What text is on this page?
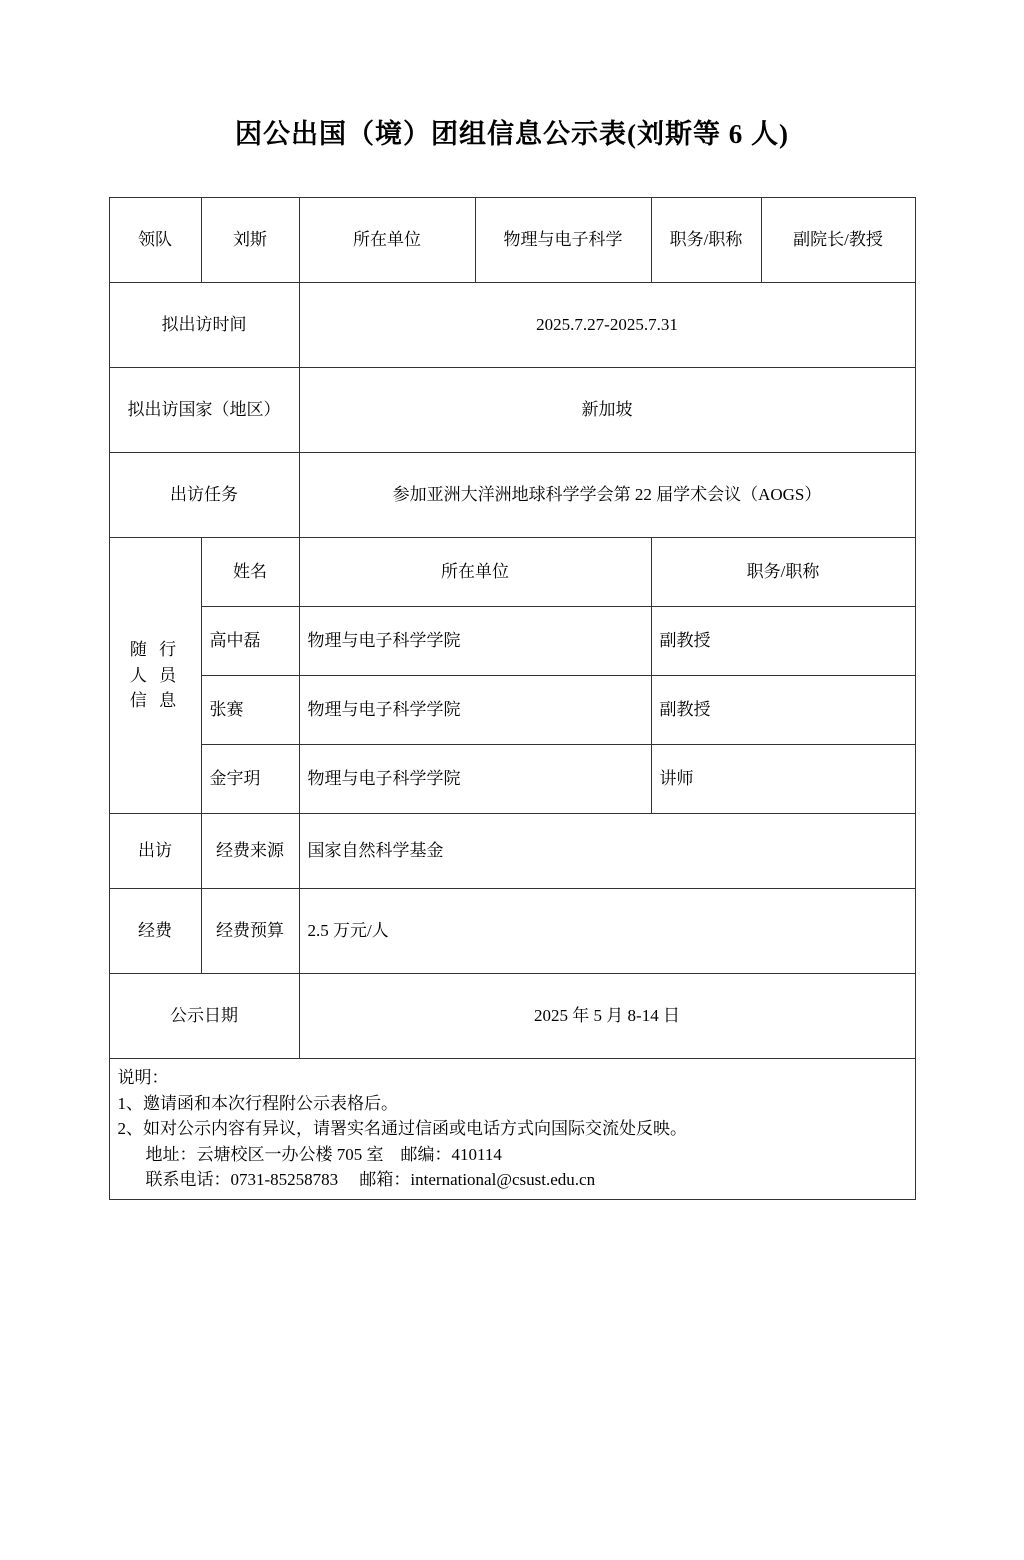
因公出国（境）团组信息公示表(刘斯等 6 人)
领队	刘斯	所在单位	物理与电子科学	职务/职称	副院长/教授
拟出访时间		2025.7.27-2025.7.31			
拟出访国家（地区）		新加坡			
出访任务		参加亚洲大洋洲地球科学学会第 22 届学术会议（AOGS）			
随 行 人 员 信 息	姓名	所在单位		职务/职称	
	高中磊	物理与电子科学学院		副教授	
	张赛	物理与电子科学学院		副教授	
	金宇玥	物理与电子科学学院		讲师	
出访	经费来源	国家自然科学基金			
经费	经费预算	2.5 万元/人			
公示日期		2025 年 5 月 8-14 日			

说明：
1、邀请函和本次行程附公示表格后。
2、如对公示内容有异议，请署实名通过信函或电话方式向国际交流处反映。
地址：云塘校区一办公楼 705 室　邮编：410114
联系电话：0731-85258783　 邮箱：international@csust.edu.cn					
